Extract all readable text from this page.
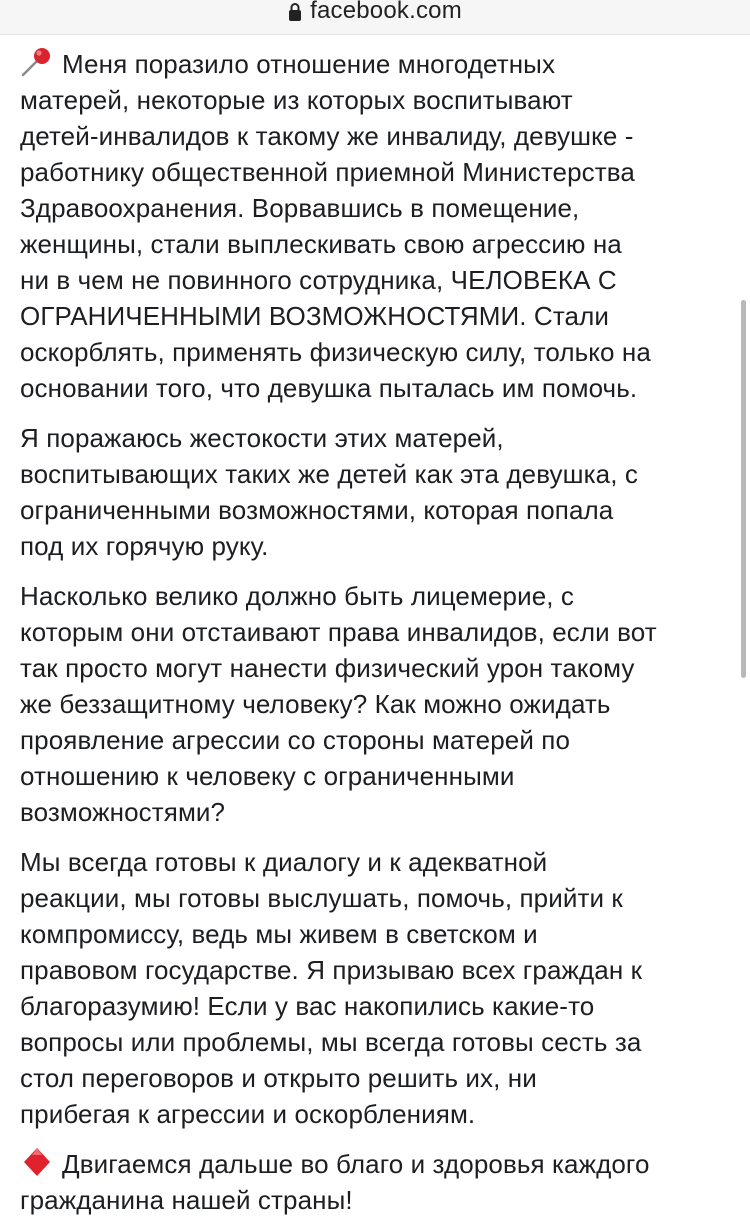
facebook.com

Меня поразило отношение многодетных
матерей, некоторые из которых воспитывают
детей-инвалидов к такому же инвалиду, девушке -
работнику общественной приемной Министерства
Здравоохранения. Ворвавшись в помещение,
женщины, стали выплескивать свою агрессию на
ни в чем не повинного сотрудника, ЧЕЛОВЕКА С
ОГРАНИЧЕННЫМИ ВОЗМОЖНОСТЯМИ. Стали
оскорблять, применять физическую силу, только на
основании того, что девушка пыталась им помочь.

Я поражаюсь жестокости этих матерей,
воспитывающих таких же детей как эта девушка, с
ограниченными возможностями, которая попала
под их горячую руку.

Насколько велико должно быть лицемерие, с
которым они отстаивают права инвалидов, если вот
так просто могут нанести физический урон такому
же беззащитному человеку? Как можно ожидать
проявление агрессии со стороны матерей по
отношению к человеку с ограниченными
возможностями?

Мы всегда готовы к диалогу и к адекватной
реакции, мы готовы выслушать, помочь, прийти к
компромиссу, ведь мы живем в светском и
правовом государстве. Я призываю всех граждан к
благоразумию! Если у вас накопились какие-то
вопросы или проблемы, мы всегда готовы сесть за
стол переговоров и открыто решить их, ни
прибегая к агрессии и оскорблениям.

Двигаемся дальше во благо и здоровья каждого
гражданина нашей страны!
